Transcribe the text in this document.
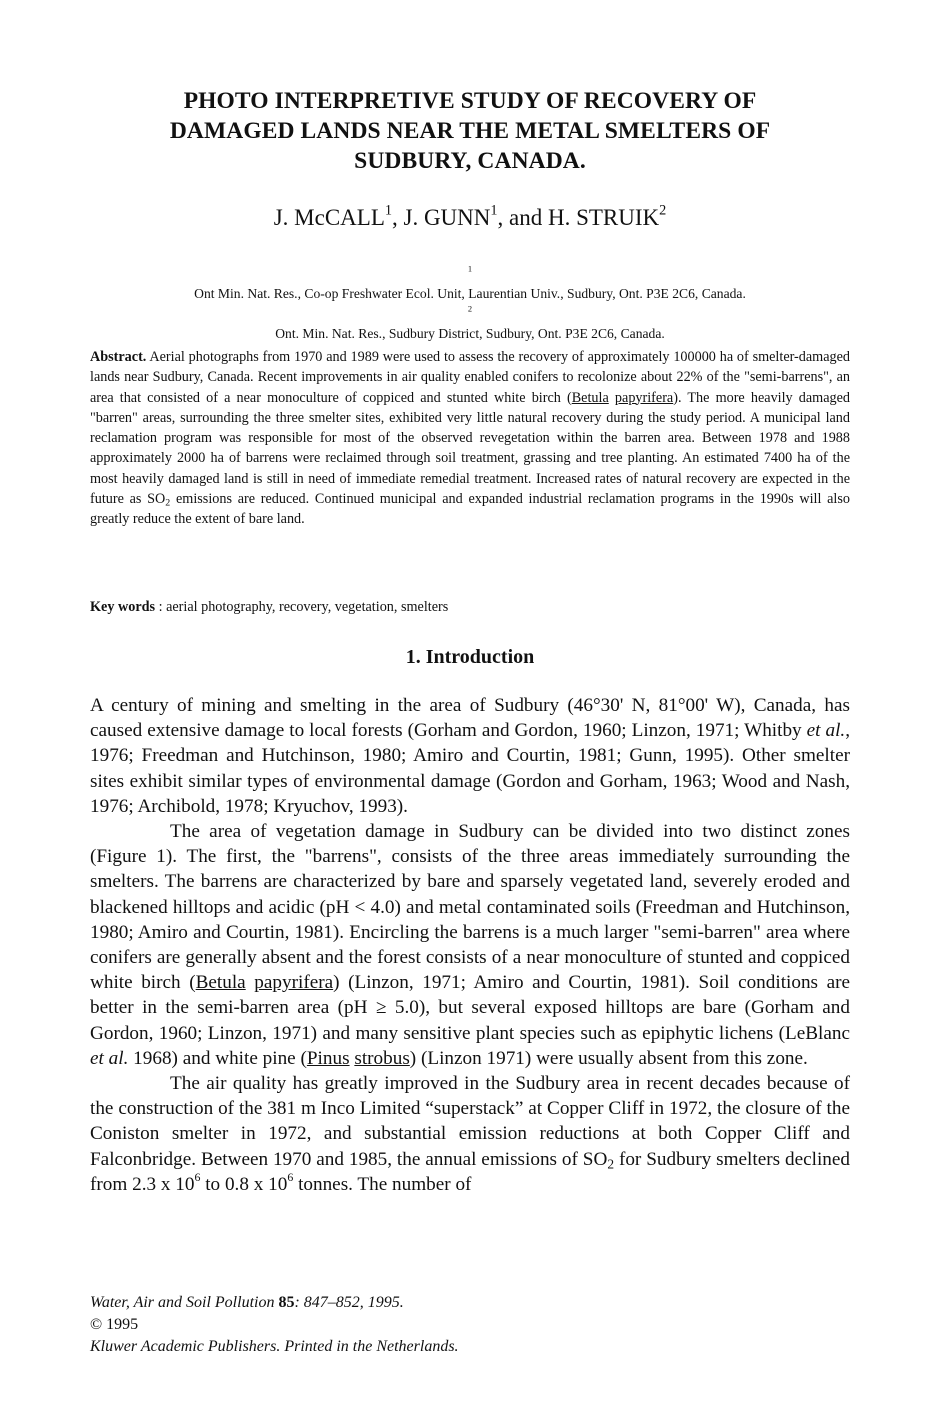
PHOTO INTERPRETIVE STUDY OF RECOVERY OF
DAMAGED LANDS NEAR THE METAL SMELTERS OF
SUDBURY, CANADA.
J. McCALL$^1$, J. GUNN$^1$, and H. STRUIK$^2$
$^1$
Ont Min. Nat. Res., Co-op Freshwater Ecol. Unit, Laurentian Univ., Sudbury, Ont. P3E 2C6, Canada.
$^2$
Ont. Min. Nat. Res., Sudbury District, Sudbury, Ont. P3E 2C6, Canada.
Abstract. Aerial photographs from 1970 and 1989 were used to assess the recovery of approximately 100000 ha of smelter-damaged lands near Sudbury, Canada. Recent improvements in air quality enabled conifers to recolonize about 22% of the "semi-barrens", an area that consisted of a near monoculture of coppiced and stunted white birch (Betula papyrifera). The more heavily damaged "barren" areas, surrounding the three smelter sites, exhibited very little natural recovery during the study period. A municipal land reclamation program was responsible for most of the observed revegetation within the barren area. Between 1978 and 1988 approximately 2000 ha of barrens were reclaimed through soil treatment, grassing and tree planting. An estimated 7400 ha of the most heavily damaged land is still in need of immediate remedial treatment. Increased rates of natural recovery are expected in the future as $SO_2$ emissions are reduced. Continued municipal and expanded industrial reclamation programs in the 1990s will also greatly reduce the extent of bare land.
Key words : aerial photography, recovery, vegetation, smelters
1. Introduction

A century of mining and smelting in the area of Sudbury (46°30' N, 81°00' W), Canada, has caused extensive damage to local forests (Gorham and Gordon, 1960; Linzon, 1971; Whitby et al., 1976; Freedman and Hutchinson, 1980; Amiro and Courtin, 1981; Gunn, 1995). Other smelter sites exhibit similar types of environmental damage (Gordon and Gorham, 1963; Wood and Nash, 1976; Archibold, 1978; Kryuchov, 1993).

The area of vegetation damage in Sudbury can be divided into two distinct zones (Figure 1). The first, the "barrens", consists of the three areas immediately surrounding the smelters. The barrens are characterized by bare and sparsely vegetated land, severely eroded and blackened hilltops and acidic (pH < 4.0) and metal contaminated soils (Freedman and Hutchinson, 1980; Amiro and Courtin, 1981). Encircling the barrens is a much larger "semi-barren" area where conifers are generally absent and the forest consists of a near monoculture of stunted and coppiced white birch (Betula papyrifera) (Linzon, 1971; Amiro and Courtin, 1981). Soil conditions are better in the semi-barren area (pH ≥ 5.0), but several exposed hilltops are bare (Gorham and Gordon, 1960; Linzon, 1971) and many sensitive plant species such as epiphytic lichens (LeBlanc et al. 1968) and white pine (Pinus strobus) (Linzon 1971) were usually absent from this zone.

The air quality has greatly improved in the Sudbury area in recent decades because of the construction of the 381 m Inco Limited “superstack” at Copper Cliff in 1972, the closure of the Coniston smelter in 1972, and substantial emission reductions at both Copper Cliff and Falconbridge. Between 1970 and 1985, the annual emissions of $SO_2$ for Sudbury smelters declined from 2.3 x $10^6$ to 0.8 x $10^6$ tonnes. The number of

Water, Air and Soil Pollution 85: 847–852, 1995.
© 1995
Kluwer Academic Publishers. Printed in the Netherlands.
